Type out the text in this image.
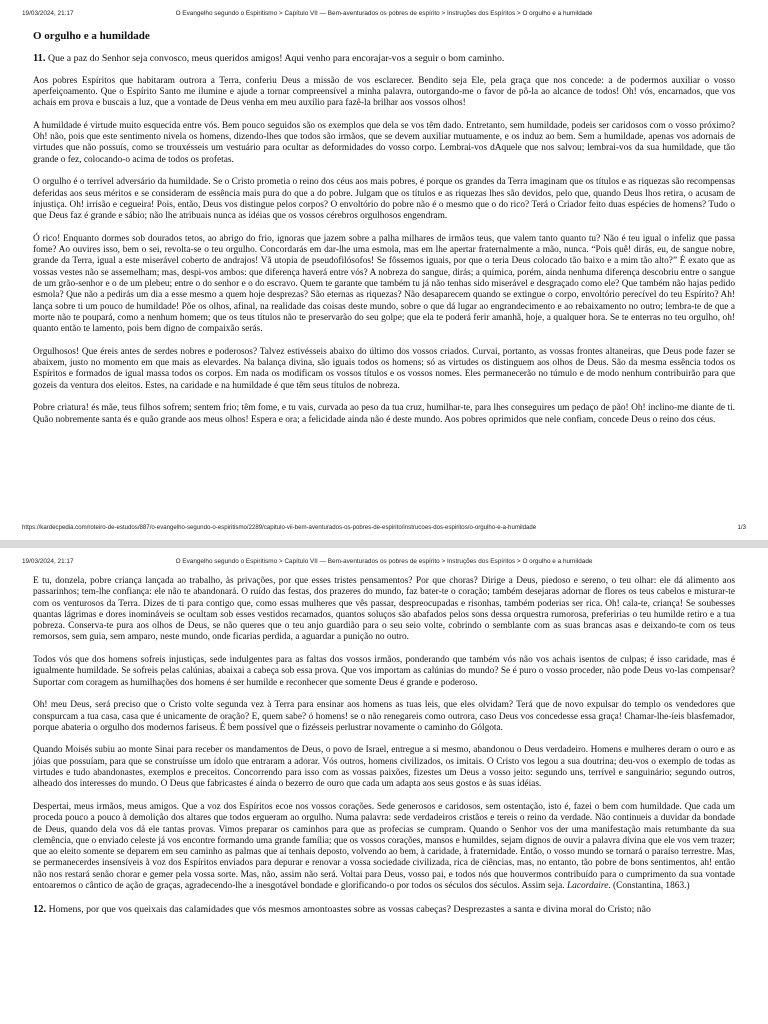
19/03/2024, 21:17	O Evangelho segundo o Espiritismo > Capítulo VII — Bem-aventurados os pobres de espírito > Instruções dos Espíritos > O orgulho e a humildade
O orgulho e a humildade

11. Que a paz do Senhor seja convosco, meus queridos amigos! Aqui venho para encorajar-vos a seguir o bom caminho.

Aos pobres Espíritos que habitaram outrora a Terra, conferiu Deus a missão de vos esclarecer. Bendito seja Ele, pela graça que nos concede: a de podermos auxiliar o vosso aperfeiçoamento. Que o Espírito Santo me ilumine e ajude a tornar compreensível a minha palavra, outorgando-me o favor de pô-la ao alcance de todos! Oh! vós, encarnados, que vos achais em prova e buscais a luz, que a vontade de Deus venha em meu auxílio para fazê-la brilhar aos vossos olhos!

A humildade é virtude muito esquecida entre vós. Bem pouco seguidos são os exemplos que dela se vos têm dado. Entretanto, sem humildade, podeis ser caridosos com o vosso próximo? Oh! não, pois que este sentimento nivela os homens, dizendo-lhes que todos são irmãos, que se devem auxiliar mutuamente, e os induz ao bem. Sem a humildade, apenas vos adornais de virtudes que não possuís, como se trouxésseis um vestuário para ocultar as deformidades do vosso corpo. Lembrai-vos dAquele que nos salvou; lembrai-vos da sua humildade, que tão grande o fez, colocando-o acima de todos os profetas.

O orgulho é o terrível adversário da humildade. Se o Cristo prometia o reino dos céus aos mais pobres, é porque os grandes da Terra imaginam que os títulos e as riquezas são recompensas deferidas aos seus méritos e se consideram de essência mais pura do que a do pobre. Julgam que os títulos e as riquezas lhes são devidos, pelo que, quando Deus lhos retira, o acusam de injustiça. Oh! irrisão e cegueira! Pois, então, Deus vos distingue pelos corpos? O envoltório do pobre não é o mesmo que o do rico? Terá o Criador feito duas espécies de homens? Tudo o que Deus faz é grande e sábio; não lhe atribuais nunca as idéias que os vossos cérebros orgulhosos engendram.

Ó rico! Enquanto dormes sob dourados tetos, ao abrigo do frio, ignoras que jazem sobre a palha milhares de irmãos teus, que valem tanto quanto tu? Não é teu igual o infeliz que passa fome? Ao ouvires isso, bem o sei, revolta-se o teu orgulho. Concordarás em dar-lhe uma esmola, mas em lhe apertar fraternalmente a mão, nunca. “Pois quê! dirás, eu, de sangue nobre, grande da Terra, igual a este miserável coberto de andrajos! Vã utopia de pseudofilósofos! Se fôssemos iguais, por que o teria Deus colocado tão baixo e a mim tão alto?” É exato que as vossas vestes não se assemelham; mas, despi-vos ambos: que diferença haverá entre vós? A nobreza do sangue, dirás; a química, porém, ainda nenhuma diferença descobriu entre o sangue de um grão-senhor e o de um plebeu; entre o do senhor e o do escravo. Quem te garante que também tu já não tenhas sido miserável e desgraçado como ele? Que também não hajas pedido esmola? Que não a pedirás um dia a esse mesmo a quem hoje desprezas? São eternas as riquezas? Não desaparecem quando se extingue o corpo, envoltório perecível do teu Espírito? Ah! lança sobre ti um pouco de humildade! Põe os olhos, afinal, na realidade das coisas deste mundo, sobre o que dá lugar ao engrandecimento e ao rebaixamento no outro; lembra-te de que a morte não te poupará, como a nenhum homem; que os teus títulos não te preservarão do seu golpe; que ela te poderá ferir amanhã, hoje, a qualquer hora. Se te enterras no teu orgulho, oh! quanto então te lamento, pois bem digno de compaixão serás.

Orgulhosos! Que éreis antes de serdes nobres e poderosos? Talvez estivésseis abaixo do último dos vossos criados. Curvai, portanto, as vossas frontes altaneiras, que Deus pode fazer se abaixem, justo no momento em que mais as elevardes. Na balança divina, são iguais todos os homens; só as virtudes os distinguem aos olhos de Deus. São da mesma essência todos os Espíritos e formados de igual massa todos os corpos. Em nada os modificam os vossos títulos e os vossos nomes. Eles permanecerão no túmulo e de modo nenhum contribuirão para que gozeis da ventura dos eleitos. Estes, na caridade e na humildade é que têm seus títulos de nobreza.

Pobre criatura! és mãe, teus filhos sofrem; sentem frio; têm fome, e tu vais, curvada ao peso da tua cruz, humilhar-te, para lhes conseguires um pedaço de pão! Oh! inclino-me diante de ti. Quão nobremente santa és e quão grande aos meus olhos! Espera e ora; a felicidade ainda não é deste mundo. Aos pobres oprimidos que nele confiam, concede Deus o reino dos céus.

https://kardecpedia.com/roteiro-de-estudos/887/o-evangelho-segundo-o-espiritismo/2289/capitulo-vii-bem-aventurados-os-pobres-de-espirito/instrucoes-dos-espiritos/o-orgulho-e-a-humildade	1/3
19/03/2024, 21:17	O Evangelho segundo o Espiritismo > Capítulo VII — Bem-aventurados os pobres de espírito > Instruções dos Espíritos > O orgulho e a humildade

E tu, donzela, pobre criança lançada ao trabalho, às privações, por que esses tristes pensamentos? Por que choras? Dirige a Deus, piedoso e sereno, o teu olhar: ele dá alimento aos passarinhos; tem-lhe confiança: ele não te abandonará. O ruído das festas, dos prazeres do mundo, faz bater-te o coração; também desejaras adornar de flores os teus cabelos e misturar-te com os venturosos da Terra. Dizes de ti para contigo que, como essas mulheres que vês passar, despreocupadas e risonhas, também poderias ser rica. Oh! cala-te, criança! Se soubesses quantas lágrimas e dores inomináveis se ocultam sob esses vestidos recamados, quantos soluços são abafados pelos sons dessa orquestra rumorosa, preferirias o teu humilde retiro e a tua pobreza. Conserva-te pura aos olhos de Deus, se não queres que o teu anjo guardião para o seu seio volte, cobrindo o semblante com as suas brancas asas e deixando-te com os teus remorsos, sem guia, sem amparo, neste mundo, onde ficarias perdida, a aguardar a punição no outro.

Todos vós que dos homens sofreis injustiças, sede indulgentes para as faltas dos vossos irmãos, ponderando que também vós não vos achais isentos de culpas; é isso caridade, mas é igualmente humildade. Se sofreis pelas calúnias, abaixai a cabeça sob essa prova. Que vos importam as calúnias do mundo? Se é puro o vosso proceder, não pode Deus vo-las compensar? Suportar com coragem as humilhações dos homens é ser humilde e reconhecer que somente Deus é grande e poderoso.

Oh! meu Deus, será preciso que o Cristo volte segunda vez à Terra para ensinar aos homens as tuas leis, que eles olvidam? Terá que de novo expulsar do templo os vendedores que conspurcam a tua casa, casa que é unicamente de oração? E, quem sabe? ó homens! se o não renegareis como outrora, caso Deus vos concedesse essa graça! Chamar-lhe-íeis blasfemador, porque abateria o orgulho dos modernos fariseus. É bem possível que o fizésseis perlustrar novamente o caminho do Gólgota.

Quando Moisés subiu ao monte Sinai para receber os mandamentos de Deus, o povo de Israel, entregue a si mesmo, abandonou o Deus verdadeiro. Homens e mulheres deram o ouro e as jóias que possuíam, para que se construísse um ídolo que entraram a adorar. Vós outros, homens civilizados, os imitais. O Cristo vos legou a sua doutrina; deu-vos o exemplo de todas as virtudes e tudo abandonastes, exemplos e preceitos. Concorrendo para isso com as vossas paixões, fizestes um Deus a vosso jeito: segundo uns, terrível e sanguinário; segundo outros, alheado dos interesses do mundo. O Deus que fabricastes é ainda o bezerro de ouro que cada um adapta aos seus gostos e às suas idéias.

Despertai, meus irmãos, meus amigos. Que a voz dos Espíritos ecoe nos vossos corações. Sede generosos e caridosos, sem ostentação, isto é, fazei o bem com humildade. Que cada um proceda pouco a pouco à demolição dos altares que todos ergueram ao orgulho. Numa palavra: sede verdadeiros cristãos e tereis o reino da verdade. Não continueis a duvidar da bondade de Deus, quando dela vos dá ele tantas provas. Vimos preparar os caminhos para que as profecias se cumpram. Quando o Senhor vos der uma manifestação mais retumbante da sua clemência, que o enviado celeste já vos encontre formando uma grande família; que os vossos corações, mansos e humildes, sejam dignos de ouvir a palavra divina que ele vos vem trazer; que ao eleito somente se deparem em seu caminho as palmas que aí tenhais deposto, volvendo ao bem, à caridade, à fraternidade. Então, o vosso mundo se tornará o paraíso terrestre. Mas, se permanecerdes insensíveis à voz dos Espíritos enviados para depurar e renovar a vossa sociedade civilizada, rica de ciências, mas, no entanto, tão pobre de bons sentimentos, ah! então não nos restará senão chorar e gemer pela vossa sorte. Mas, não, assim não será. Voltai para Deus, vosso pai, e todos nós que houvermos contribuído para o cumprimento da sua vontade entoaremos o cântico de ação de graças, agradecendo-lhe a inesgotável bondade e glorificando-o por todos os séculos dos séculos. Assim seja. Lacordaire. (Constantina, 1863.)

12. Homens, por que vos queixais das calamidades que vós mesmos amontoastes sobre as vossas cabeças? Desprezastes a santa e divina moral do Cristo; não
